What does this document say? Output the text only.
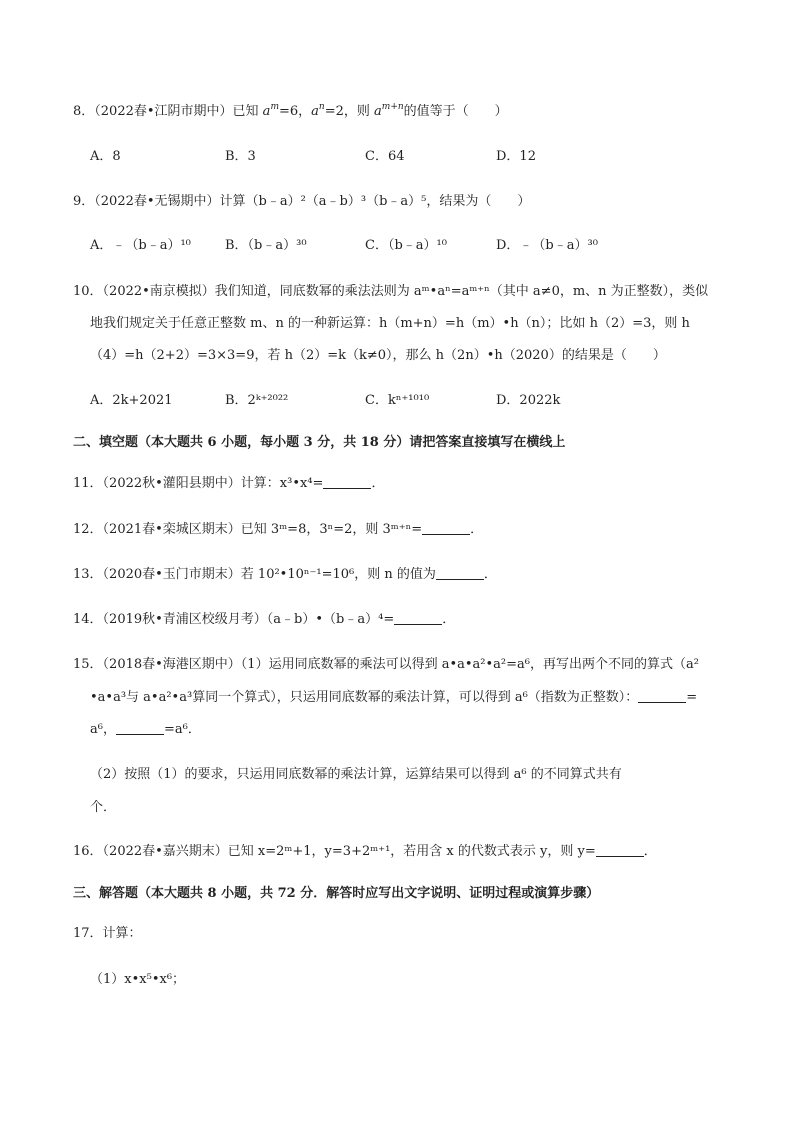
8．（2022春•江阴市期中）已知 $a^m=6$，$a^n=2$，则 $a^{m+n}$的值等于（　　）
A．8	B．3	C．64	D．12
9．（2022春•无锡期中）计算（b﹣a）²（a﹣b）³（b﹣a）⁵，结果为（　　）
A．﹣（b﹣a）¹⁰	B．（b﹣a）³⁰	C．（b﹣a）¹⁰	D．﹣（b﹣a）³⁰
10．（2022•南京模拟）我们知道，同底数幂的乘法法则为 aᵐ•aⁿ=aᵐ⁺ⁿ（其中 a≠0，m、n 为正整数），类似
地我们规定关于任意正整数 m、n 的一种新运算：h（m+n）=h（m）•h（n）；比如 h（2）=3，则 h
（4）=h（2+2）=3×3=9，若 h（2）=k（k≠0），那么 h（2n）•h（2020）的结果是（　　）
A．2k+2021	B．2ᵏ⁺²⁰²²	C．kⁿ⁺¹⁰¹⁰	D．2022k
二、填空题（本大题共 6 小题，每小题 3 分，共 18 分）请把答案直接填写在横线上
11．（2022秋•灌阳县期中）计算：x³•x⁴=	．
12．（2021春•栾城区期末）已知 3ᵐ=8，3ⁿ=2，则 3ᵐ⁺ⁿ=	．
13．（2020春•玉门市期末）若 10²•10ⁿ⁻¹=10⁶，则 n 的值为	．
14．（2019秋•青浦区校级月考）（a﹣b）•（b﹣a）⁴=	．
15．（2018春•海港区期中）（1）运用同底数幂的乘法可以得到 a•a•a²•a²=a⁶，再写出两个不同的算式（a²
•a•a³与 a•a²•a³算同一个算式），只运用同底数幂的乘法计算，可以得到 a⁶（指数为正整数）：	=
a⁶，	=a⁶．
（2）按照（1）的要求，只运用同底数幂的乘法计算，运算结果可以得到 a⁶ 的不同算式共有
个．
16．（2022春•嘉兴期末）已知 x=2ᵐ+1，y=3+2ᵐ⁺¹，若用含 x 的代数式表示 y，则 y=	．
三、解答题（本大题共 8 小题，共 72 分．解答时应写出文字说明、证明过程或演算步骤）
17．计算：
（1）x•x⁵•x⁶；
